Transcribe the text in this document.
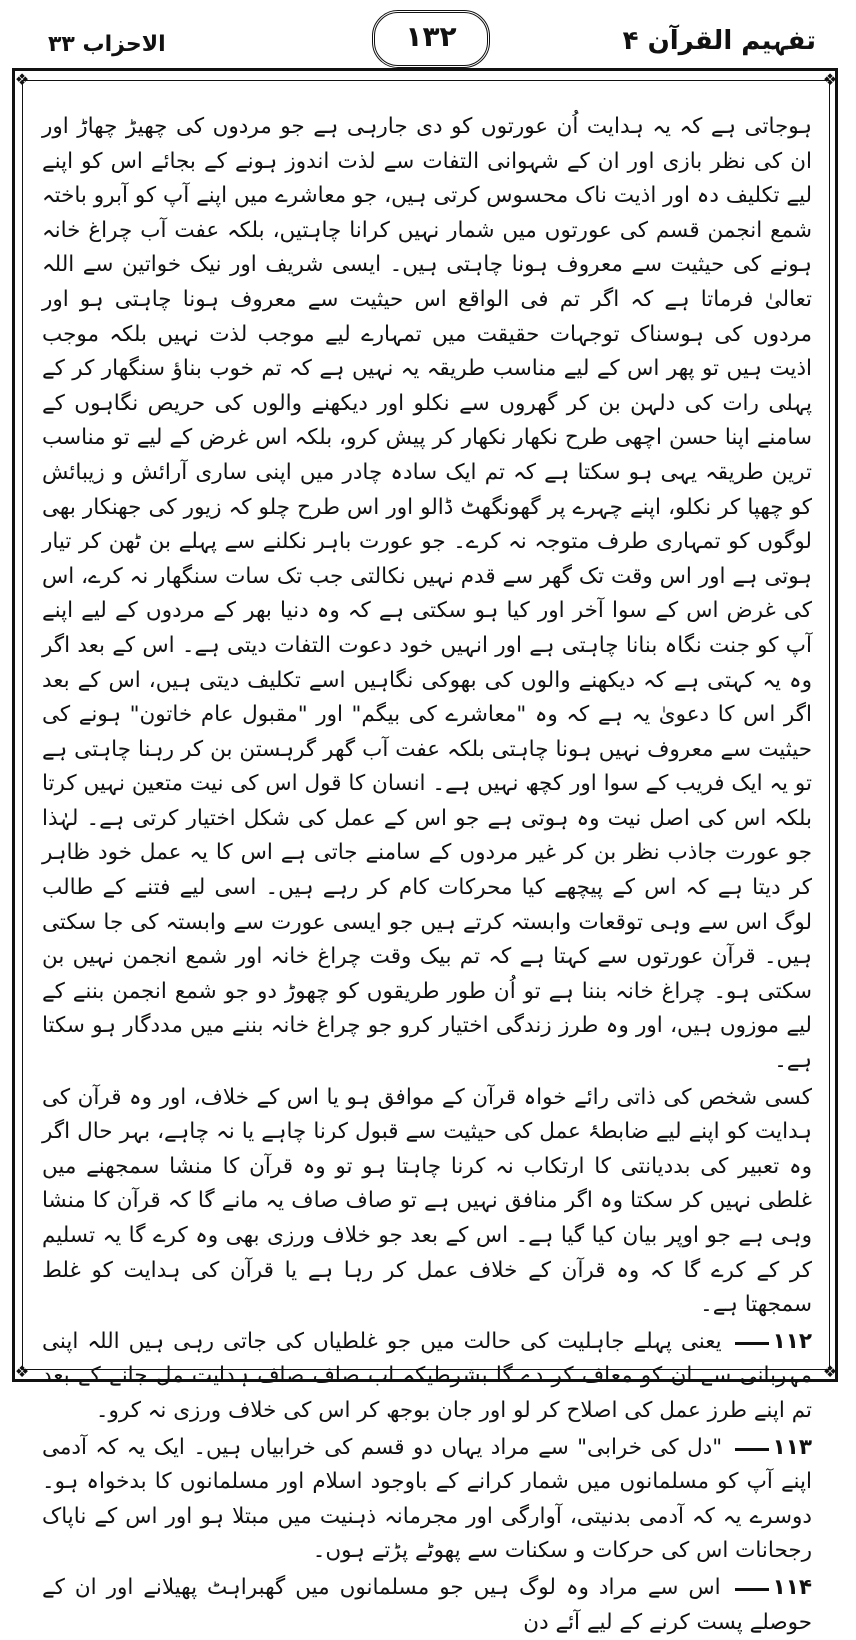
الاحزاب ۳۳	۱۳۲	تفہیم القرآن ۴
❖	❖
❖	❖

ہوجاتی ہے کہ یہ ہدایت اُن عورتوں کو دی جارہی ہے جو مردوں کی چھیڑ چھاڑ اور ان کی نظر بازی اور ان کے شہوانی التفات سے لذت اندوز ہونے کے بجائے اس کو اپنے لیے تکلیف دہ اور اذیت ناک محسوس کرتی ہیں، جو معاشرے میں اپنے آپ کو آبرو باختہ شمع انجمن قسم کی عورتوں میں شمار نہیں کرانا چاہتیں، بلکہ عفت آب چراغ خانہ ہونے کی حیثیت سے معروف ہونا چاہتی ہیں۔ ایسی شریف اور نیک خواتین سے اللہ تعالیٰ فرماتا ہے کہ اگر تم فی الواقع اس حیثیت سے معروف ہونا چاہتی ہو اور مردوں کی ہوسناک توجہات حقیقت میں تمہارے لیے موجب لذت نہیں بلکہ موجب اذیت ہیں تو پھر اس کے لیے مناسب طریقہ یہ نہیں ہے کہ تم خوب بناؤ سنگھار کر کے پہلی رات کی دلہن بن کر گھروں سے نکلو اور دیکھنے والوں کی حریص نگاہوں کے سامنے اپنا حسن اچھی طرح نکھار نکھار کر پیش کرو، بلکہ اس غرض کے لیے تو مناسب ترین طریقہ یہی ہو سکتا ہے کہ تم ایک سادہ چادر میں اپنی ساری آرائش و زیبائش کو چھپا کر نکلو، اپنے چہرے پر گھونگھٹ ڈالو اور اس طرح چلو کہ زیور کی جھنکار بھی لوگوں کو تمہاری طرف متوجہ نہ کرے۔ جو عورت باہر نکلنے سے پہلے بن ٹھن کر تیار ہوتی ہے اور اس وقت تک گھر سے قدم نہیں نکالتی جب تک سات سنگھار نہ کرے، اس کی غرض اس کے سوا آخر اور کیا ہو سکتی ہے کہ وہ دنیا بھر کے مردوں کے لیے اپنے آپ کو جنت نگاہ بنانا چاہتی ہے اور انہیں خود دعوت التفات دیتی ہے۔ اس کے بعد اگر وہ یہ کہتی ہے کہ دیکھنے والوں کی بھوکی نگاہیں اسے تکلیف دیتی ہیں، اس کے بعد اگر اس کا دعویٰ یہ ہے کہ وہ "معاشرے کی بیگم" اور "مقبول عام خاتون" ہونے کی حیثیت سے معروف نہیں ہونا چاہتی بلکہ عفت آب گھر گرہستن بن کر رہنا چاہتی ہے تو یہ ایک فریب کے سوا اور کچھ نہیں ہے۔ انسان کا قول اس کی نیت متعین نہیں کرتا بلکہ اس کی اصل نیت وہ ہوتی ہے جو اس کے عمل کی شکل اختیار کرتی ہے۔ لہٰذا جو عورت جاذب نظر بن کر غیر مردوں کے سامنے جاتی ہے اس کا یہ عمل خود ظاہر کر دیتا ہے کہ اس کے پیچھے کیا محرکات کام کر رہے ہیں۔ اسی لیے فتنے کے طالب لوگ اس سے وہی توقعات وابستہ کرتے ہیں جو ایسی عورت سے وابستہ کی جا سکتی ہیں۔ قرآن عورتوں سے کہتا ہے کہ تم بیک وقت چراغ خانہ اور شمع انجمن نہیں بن سکتی ہو۔ چراغ خانہ بننا ہے تو اُن طور طریقوں کو چھوڑ دو جو شمع انجمن بننے کے لیے موزوں ہیں، اور وہ طرز زندگی اختیار کرو جو چراغ خانہ بننے میں مددگار ہو سکتا ہے۔

کسی شخص کی ذاتی رائے خواہ قرآن کے موافق ہو یا اس کے خلاف، اور وہ قرآن کی ہدایت کو اپنے لیے ضابطۂ عمل کی حیثیت سے قبول کرنا چاہے یا نہ چاہے، بہر حال اگر وہ تعبیر کی بددیانتی کا ارتکاب نہ کرنا چاہتا ہو تو وہ قرآن کا منشا سمجھنے میں غلطی نہیں کر سکتا وہ اگر منافق نہیں ہے تو صاف صاف یہ مانے گا کہ قرآن کا منشا وہی ہے جو اوپر بیان کیا گیا ہے۔ اس کے بعد جو خلاف ورزی بھی وہ کرے گا یہ تسلیم کر کے کرے گا کہ وہ قرآن کے خلاف عمل کر رہا ہے یا قرآن کی ہدایت کو غلط سمجھتا ہے۔

۱۱۲ یعنی پہلے جاہلیت کی حالت میں جو غلطیاں کی جاتی رہی ہیں اللہ اپنی مہربانی سے ان کو معاف کر دے گا بشرطیکہ اب صاف صاف ہدایت مل جانے کے بعد تم اپنے طرز عمل کی اصلاح کر لو اور جان بوجھ کر اس کی خلاف ورزی نہ کرو۔

۱۱۳ "دل کی خرابی" سے مراد یہاں دو قسم کی خرابیاں ہیں۔ ایک یہ کہ آدمی اپنے آپ کو مسلمانوں میں شمار کرانے کے باوجود اسلام اور مسلمانوں کا بدخواہ ہو۔ دوسرے یہ کہ آدمی بدنیتی، آوارگی اور مجرمانہ ذہنیت میں مبتلا ہو اور اس کے ناپاک رجحانات اس کی حرکات و سکنات سے پھوٹے پڑتے ہوں۔

۱۱۴ اس سے مراد وہ لوگ ہیں جو مسلمانوں میں گھبراہٹ پھیلانے اور ان کے حوصلے پست کرنے کے لیے آئے دن
